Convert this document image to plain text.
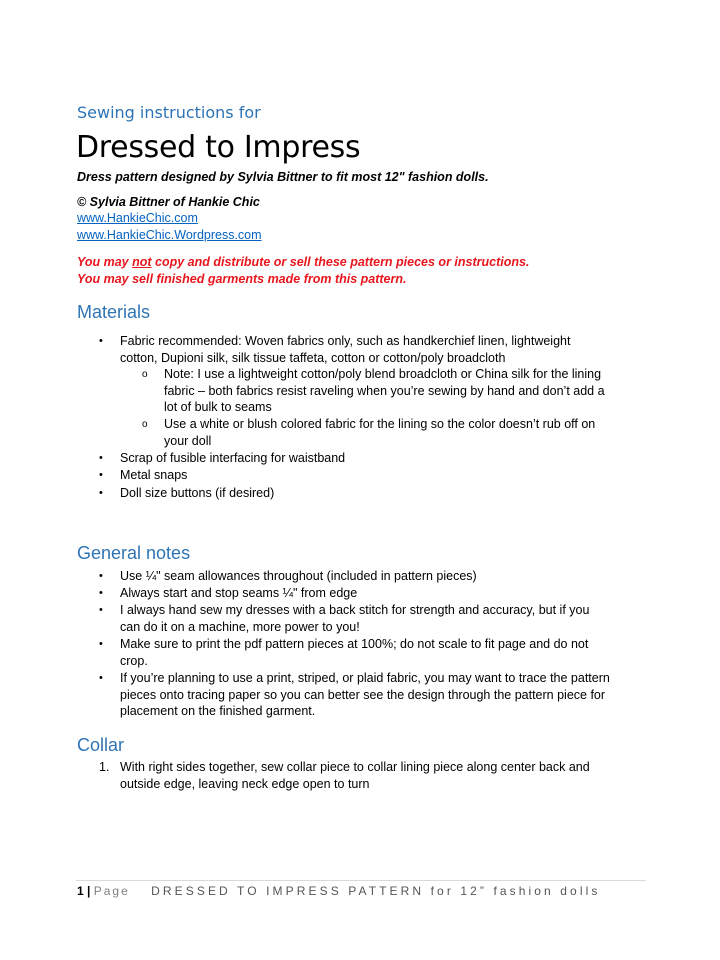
Sewing instructions for
Dressed to Impress
Dress pattern designed by Sylvia Bittner to fit most 12" fashion dolls.
© Sylvia Bittner of Hankie Chic
www.HankieChic.com
www.HankieChic.Wordpress.com
You may not copy and distribute or sell these pattern pieces or instructions.
You may sell finished garments made from this pattern.
Materials
• Fabric recommended: Woven fabrics only, such as handkerchief linen, lightweight
cotton, Dupioni silk, silk tissue taffeta, cotton or cotton/poly broadcloth
o Note: I use a lightweight cotton/poly blend broadcloth or China silk for the lining
fabric – both fabrics resist raveling when you’re sewing by hand and don’t add a
lot of bulk to seams
o Use a white or blush colored fabric for the lining so the color doesn’t rub off on
your doll
• Scrap of fusible interfacing for waistband
• Metal snaps
• Doll size buttons (if desired)
General notes
• Use ¼" seam allowances throughout (included in pattern pieces)
• Always start and stop seams ¼" from edge
• I always hand sew my dresses with a back stitch for strength and accuracy, but if you
can do it on a machine, more power to you!
• Make sure to print the pdf pattern pieces at 100%; do not scale to fit page and do not
crop.
• If you’re planning to use a print, striped, or plaid fabric, you may want to trace the pattern
pieces onto tracing paper so you can better see the design through the pattern piece for
placement on the finished garment.
Collar
1. With right sides together, sew collar piece to collar lining piece along center back and
outside edge, leaving neck edge open to turn
1 | Page DRESSED TO IMPRESS PATTERN for 12” fashion dolls
